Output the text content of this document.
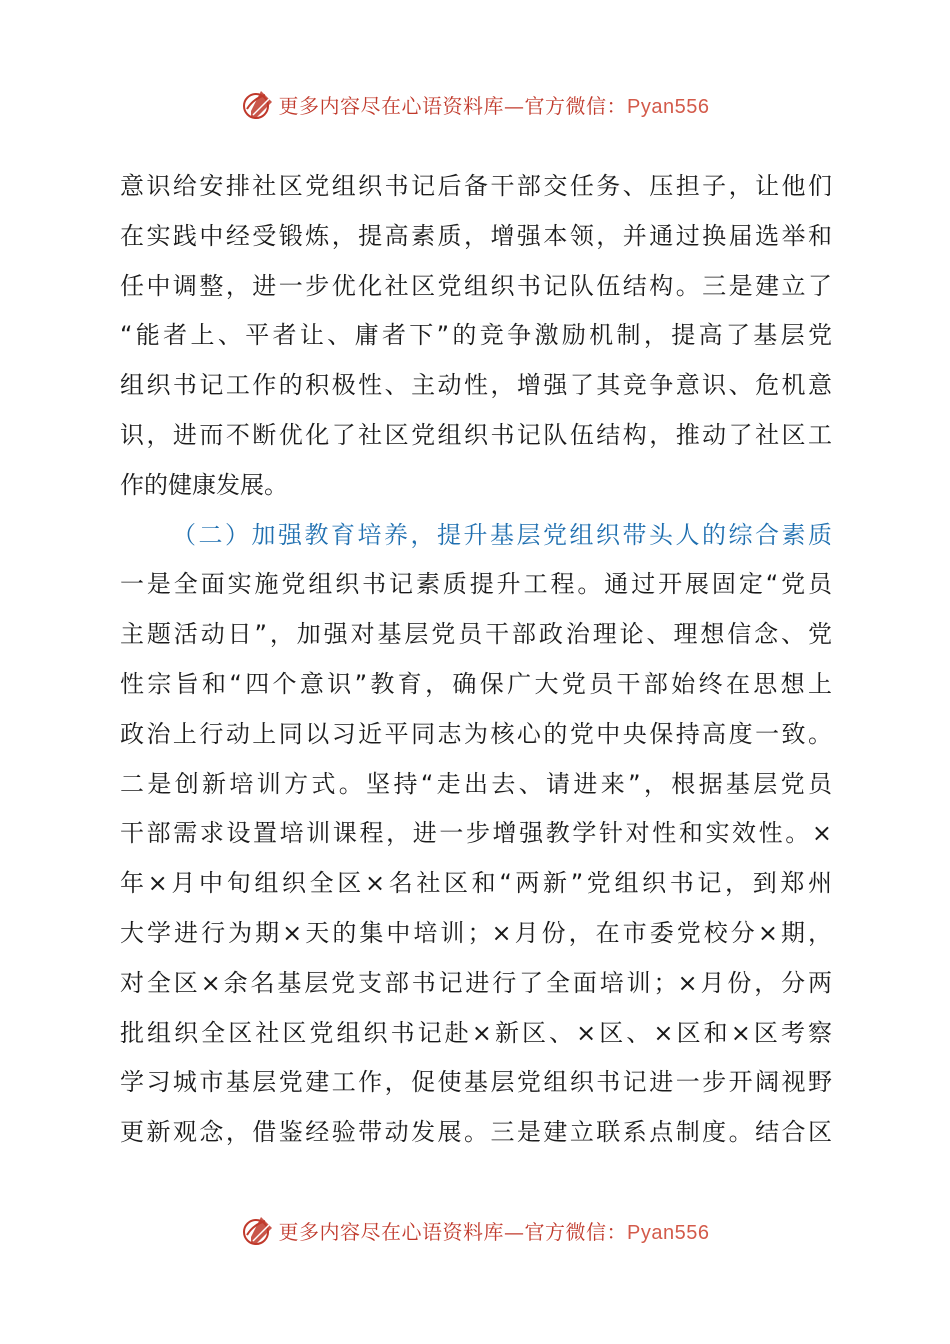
更多内容尽在心语资料库—官方微信：Pyan556
意识给安排社区党组织书记后备干部交任务、压担子，让他们
在实践中经受锻炼，提高素质，增强本领，并通过换届选举和
任中调整，进一步优化社区党组织书记队伍结构。三是建立了
“能者上、平者让、庸者下”的竞争激励机制，提高了基层党
组织书记工作的积极性、主动性，增强了其竞争意识、危机意
识，进而不断优化了社区党组织书记队伍结构，推动了社区工
作的健康发展。
（二）加强教育培养，提升基层党组织带头人的综合素质
一是全面实施党组织书记素质提升工程。通过开展固定“党员
主题活动日”，加强对基层党员干部政治理论、理想信念、党
性宗旨和“四个意识”教育，确保广大党员干部始终在思想上
政治上行动上同以习近平同志为核心的党中央保持高度一致。
二是创新培训方式。坚持“走出去、请进来”，根据基层党员
干部需求设置培训课程，进一步增强教学针对性和实效性。×
年×月中旬组织全区×名社区和“两新”党组织书记，到郑州
大学进行为期×天的集中培训；×月份，在市委党校分×期，
对全区×余名基层党支部书记进行了全面培训；×月份，分两
批组织全区社区党组织书记赴×新区、×区、×区和×区考察
学习城市基层党建工作，促使基层党组织书记进一步开阔视野
更新观念，借鉴经验带动发展。三是建立联系点制度。结合区
更多内容尽在心语资料库—官方微信：Pyan556
